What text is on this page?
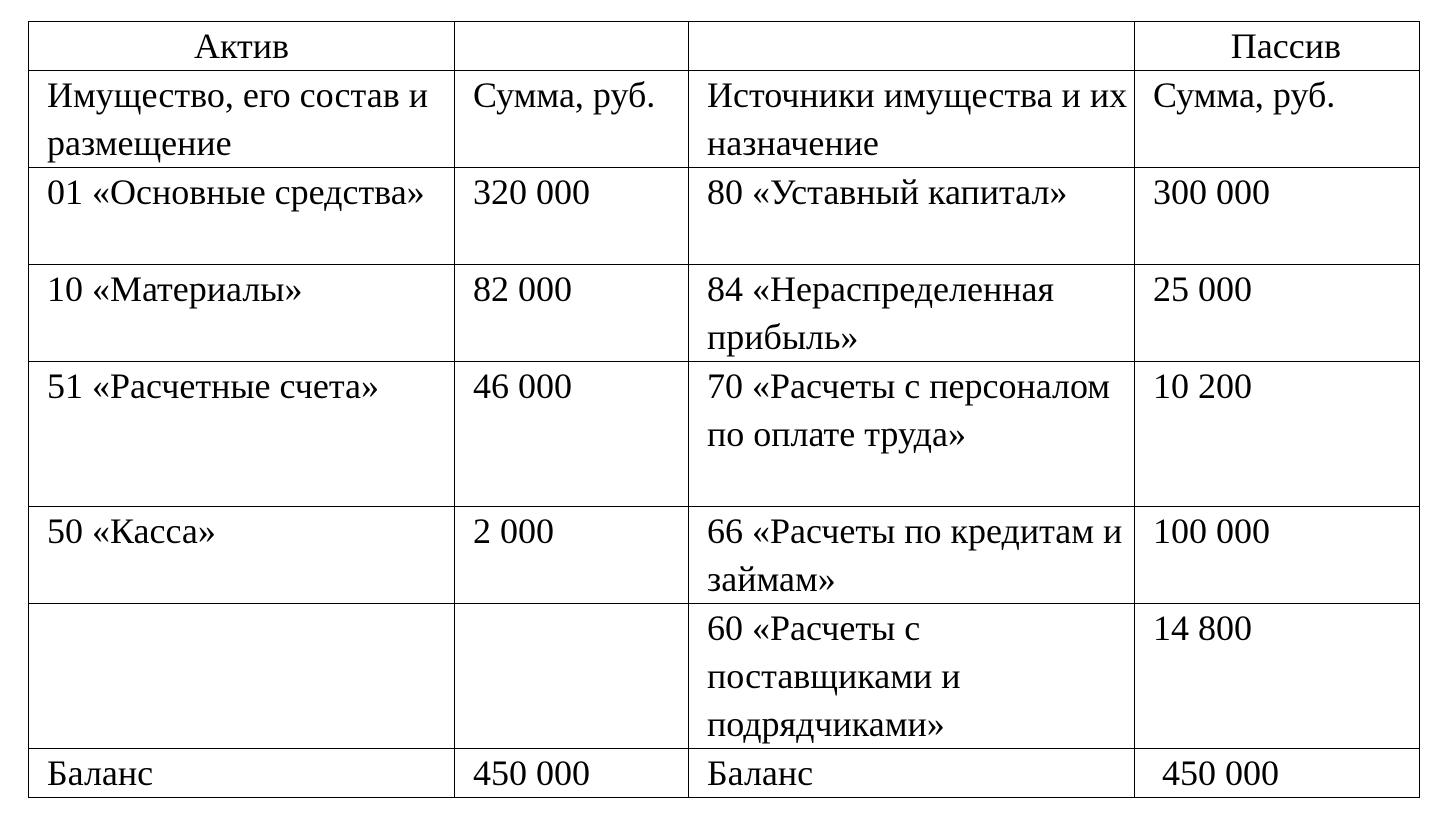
Актив			Пассив
Имущество, его состав и размещение	Сумма, руб.	Источники имущества и их назначение	Сумма, руб.
01 «Основные средства»	320 000	80 «Уставный капитал»	300 000
10 «Материалы»	82 000	84 «Нераспределенная прибыль»	25 000
51 «Расчетные счета»	46 000	70 «Расчеты с персоналом по оплате труда»	10 200
50 «Касса»	2 000	66 «Расчеты по кредитам и займам»	100 000
		60 «Расчеты с поставщиками и подрядчиками»	14 800
Баланс	450 000	Баланс	450 000
